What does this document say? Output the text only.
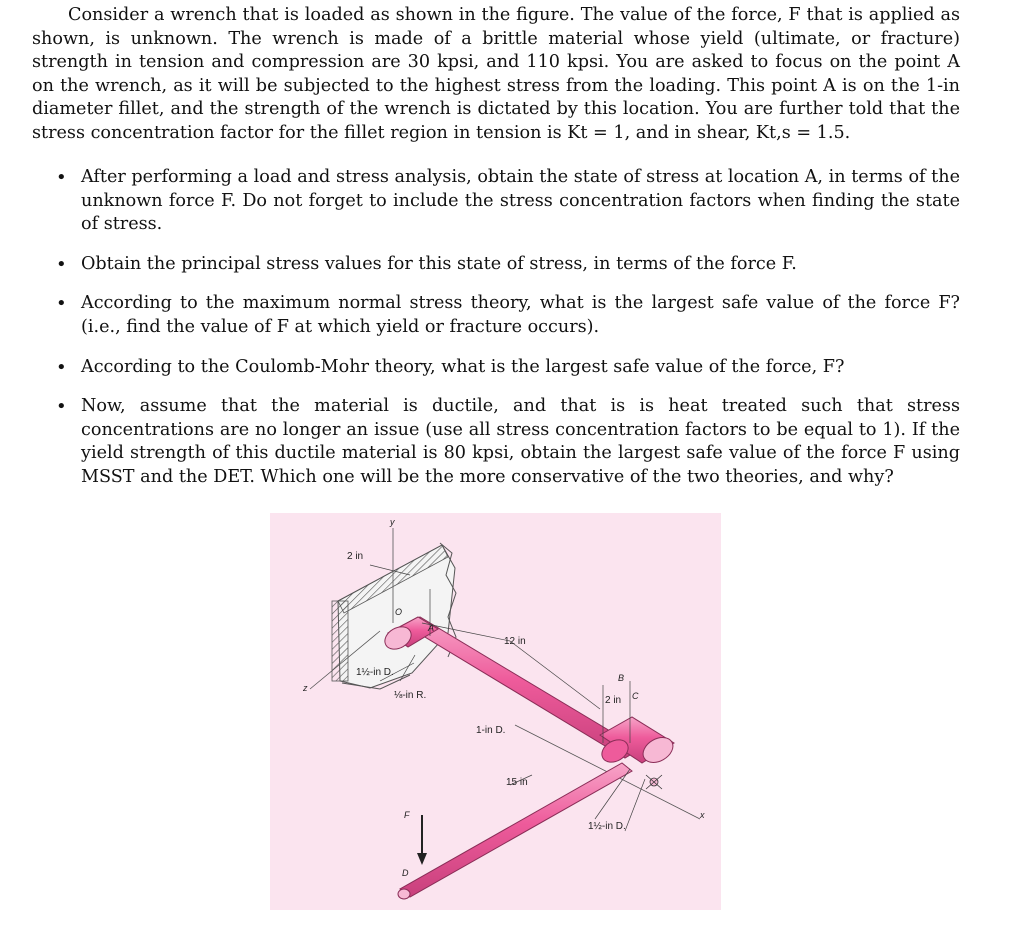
Consider a wrench that is loaded as shown in the figure. The value of the force, F that is applied as shown, is unknown. The wrench is made of a brittle material whose yield (ultimate, or fracture) strength in tension and compression are 30 kpsi, and 110 kpsi. You are asked to focus on the point A on the wrench, as it will be subjected to the highest stress from the loading. This point A is on the 1-in diameter fillet, and the strength of the wrench is dictated by this location. You are further told that the stress concentration factor for the fillet region in tension is Kt = 1, and in shear, Kt,s = 1.5.

• After performing a load and stress analysis, obtain the state of stress at location A, in terms of the unknown force F. Do not forget to include the stress concentration factors when finding the state of stress.
• Obtain the principal stress values for this state of stress, in terms of the force F.
• According to the maximum normal stress theory, what is the largest safe value of the force F? (i.e., find the value of F at which yield or fracture occurs).
• According to the Coulomb-Mohr theory, what is the largest safe value of the force, F?
• Now, assume that the material is ductile, and that is is heat treated such that stress concentrations are no longer an issue (use all stress concentration factors to be equal to 1). If the yield strength of this ductile material is 80 kpsi, obtain the largest safe value of the force F using MSST and the DET. Which one will be the more conservative of the two theories, and why?
2 in
y
O
A
12 in
1½-in D.
⅛-in R.
z
B
2 in C
1-in D.
15 in
F
1½-in D.
x
D
